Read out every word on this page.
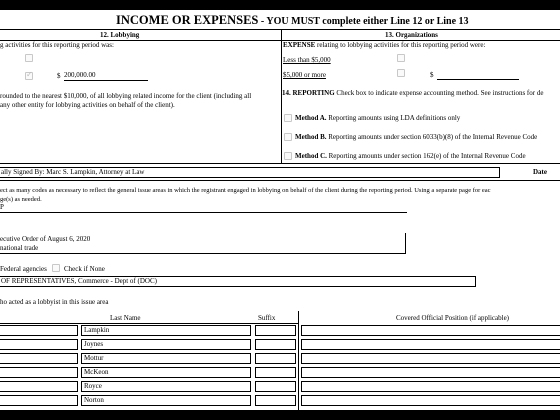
INCOME OR EXPENSES - YOU MUST complete either Line 12 or Line 13
12. Lobbying
g activities for this reporting period was:
✓
$ 200,000.00
rounded to the nearest $10,000, of all lobbying related income for the client (including all
any other entity for lobbying activities on behalf of the client).
13. Organizations
EXPENSE relating to lobbying activities for this reporting period were:
Less than $5,000
$5,000 or more	$
14. REPORTING Check box to indicate expense accounting method. See instructions for de
Method A. Reporting amounts using LDA definitions only
Method B. Reporting amounts under section 6033(b)(8) of the Internal Revenue Code
Method C. Reporting amounts under section 162(e) of the Internal Revenue Code
ally Signed By: Marc S. Lampkin, Attorney at Law	Date
ect as many codes as necessary to reflect the general issue areas in which the registrant engaged in lobbying on behalf of the client during the reporting period. Using a separate page for eac
ge(s) as needed.
P
ecutive Order of August 6, 2020
national trade
Federal agencies Check if None
OF REPRESENTATIVES, Commerce - Dept of (DOC)
ho acted as a lobbyist in this issue area
Last Name	Suffix	Covered Official Position (if applicable)
Lampkin
Joynes
Mottur
McKeon
Royce
Norton
